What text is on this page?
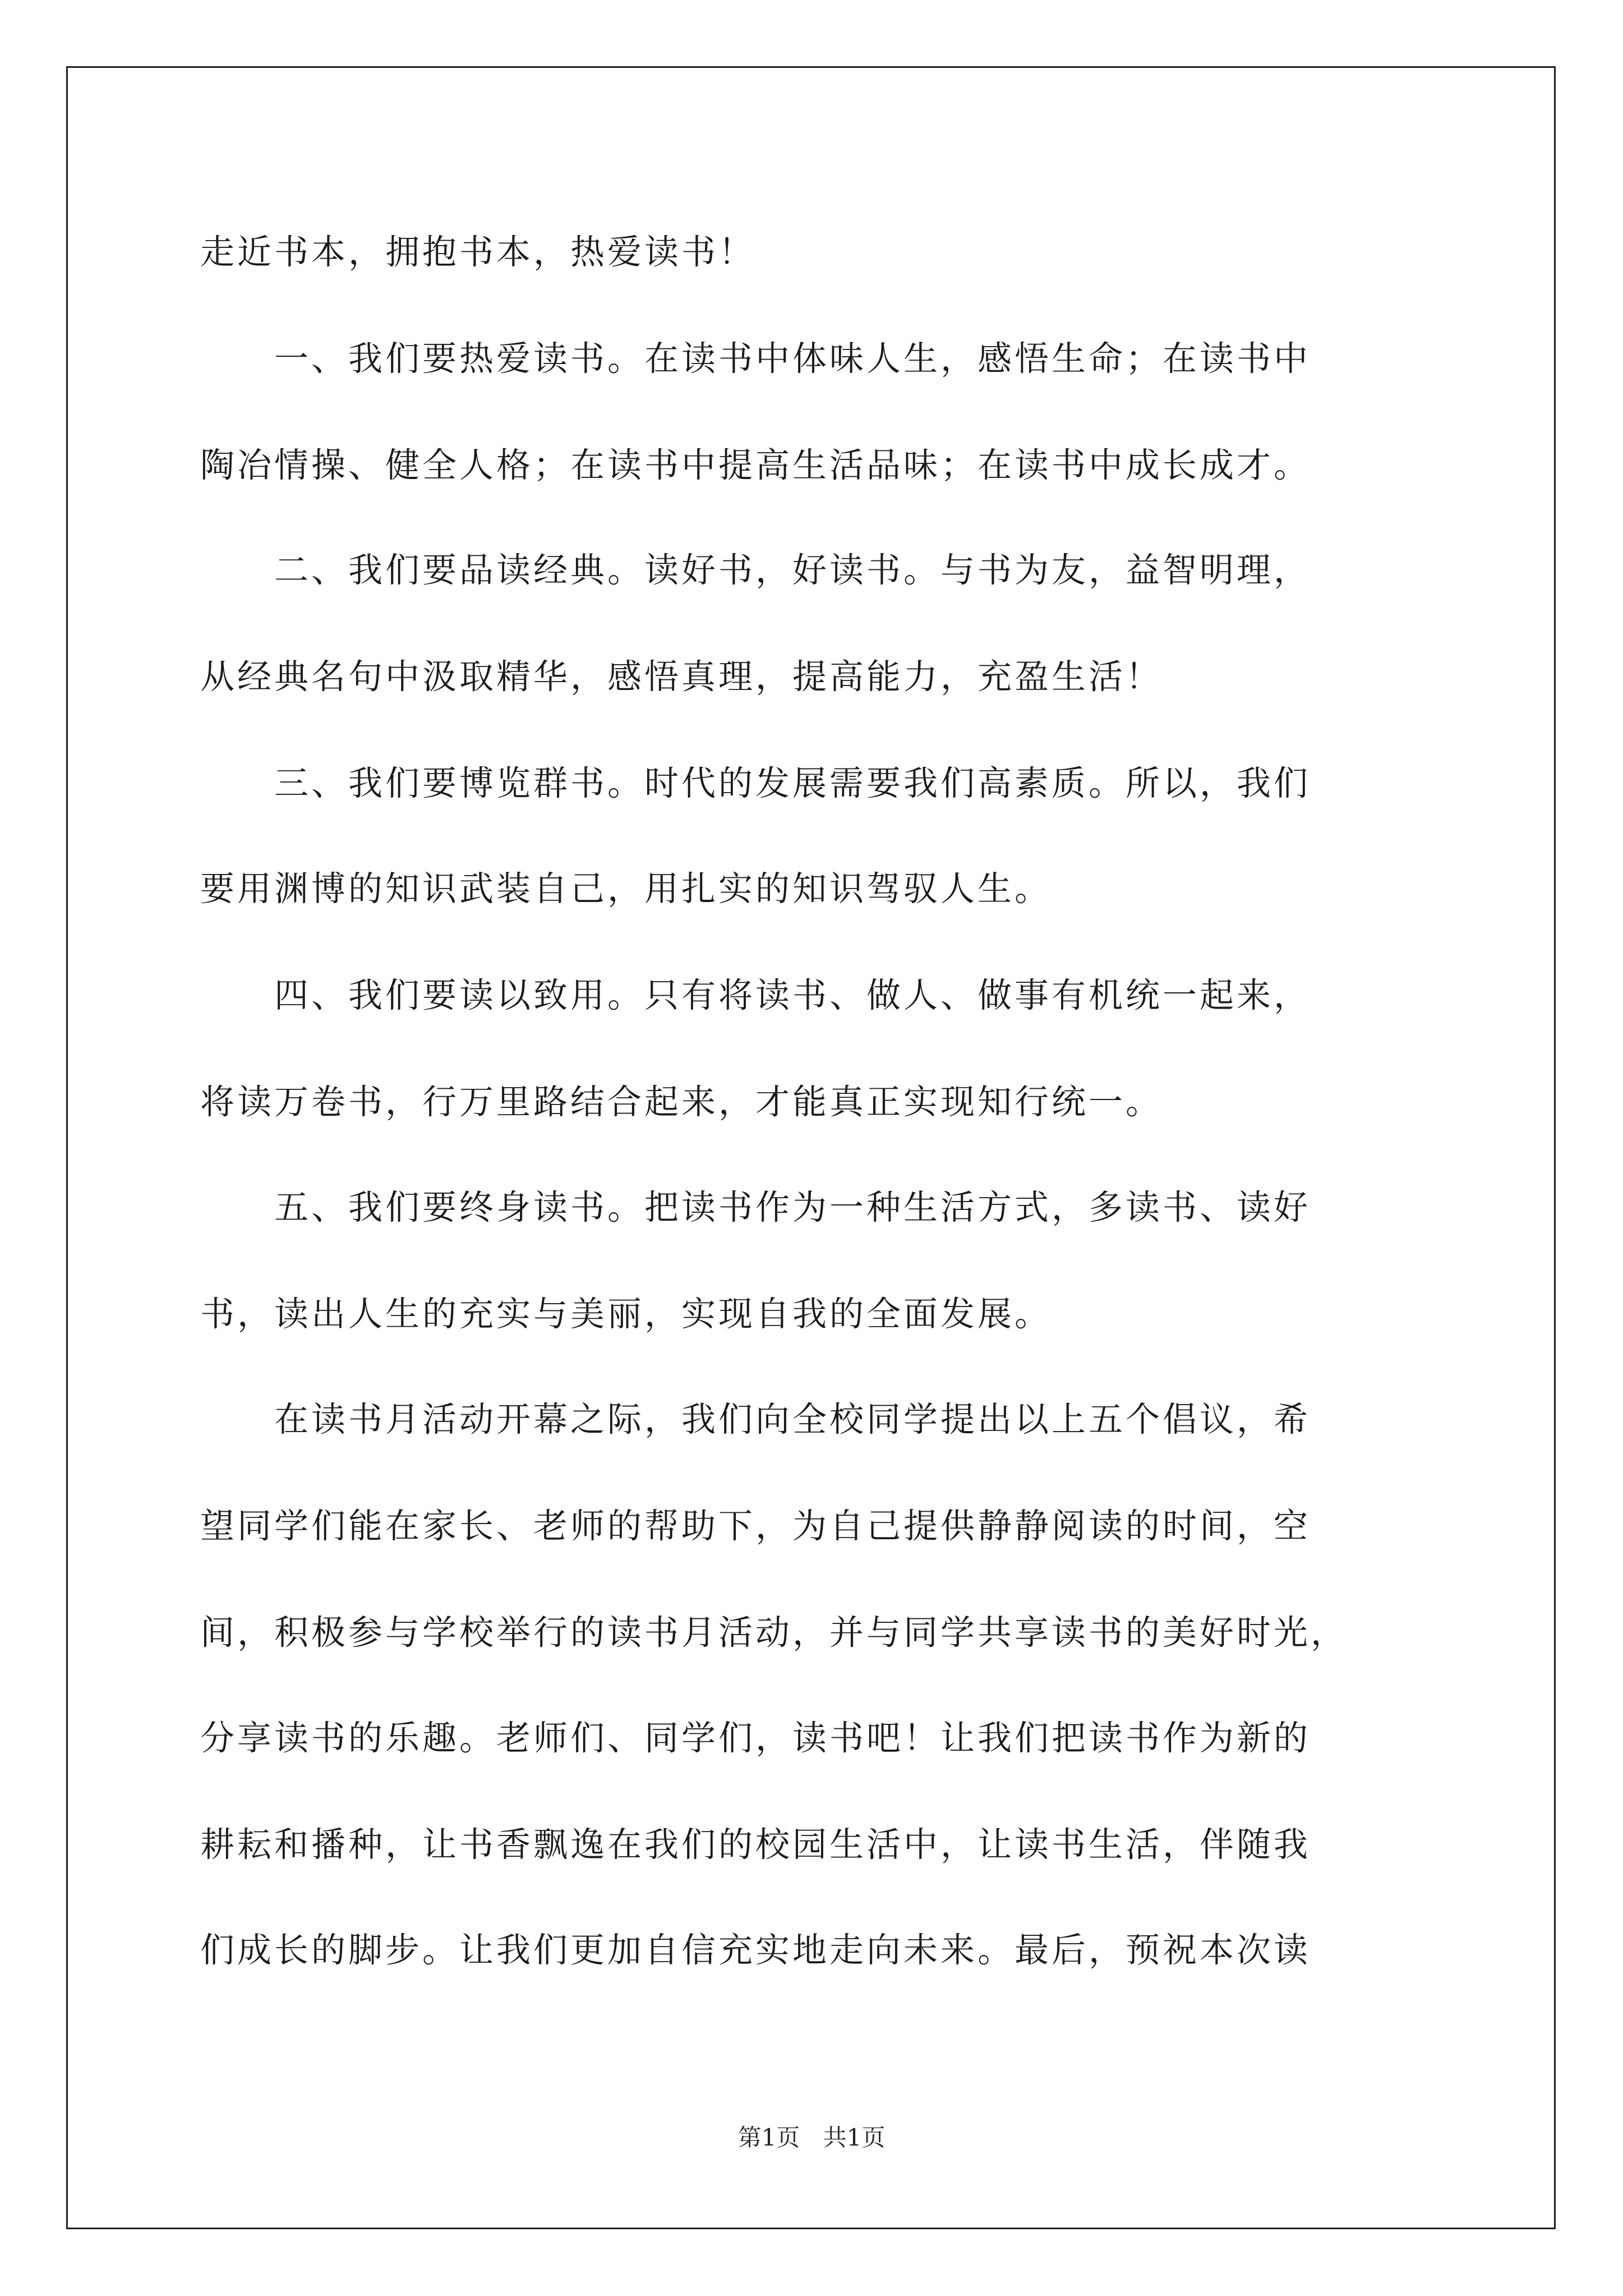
走近书本，拥抱书本，热爱读书！
　　一、我们要热爱读书。在读书中体味人生，感悟生命；在读书中
陶冶情操、健全人格；在读书中提高生活品味；在读书中成长成才。
　　二、我们要品读经典。读好书，好读书。与书为友，益智明理，
从经典名句中汲取精华，感悟真理，提高能力，充盈生活！
　　三、我们要博览群书。时代的发展需要我们高素质。所以，我们
要用渊博的知识武装自己，用扎实的知识驾驭人生。
　　四、我们要读以致用。只有将读书、做人、做事有机统一起来，
将读万卷书，行万里路结合起来，才能真正实现知行统一。
　　五、我们要终身读书。把读书作为一种生活方式，多读书、读好
书，读出人生的充实与美丽，实现自我的全面发展。
　　在读书月活动开幕之际，我们向全校同学提出以上五个倡议，希
望同学们能在家长、老师的帮助下，为自己提供静静阅读的时间，空
间，积极参与学校举行的读书月活动，并与同学共享读书的美好时光，
分享读书的乐趣。老师们、同学们，读书吧！让我们把读书作为新的
耕耘和播种，让书香飘逸在我们的校园生活中，让读书生活，伴随我
们成长的脚步。让我们更加自信充实地走向未来。最后，预祝本次读
第1页 共1页
